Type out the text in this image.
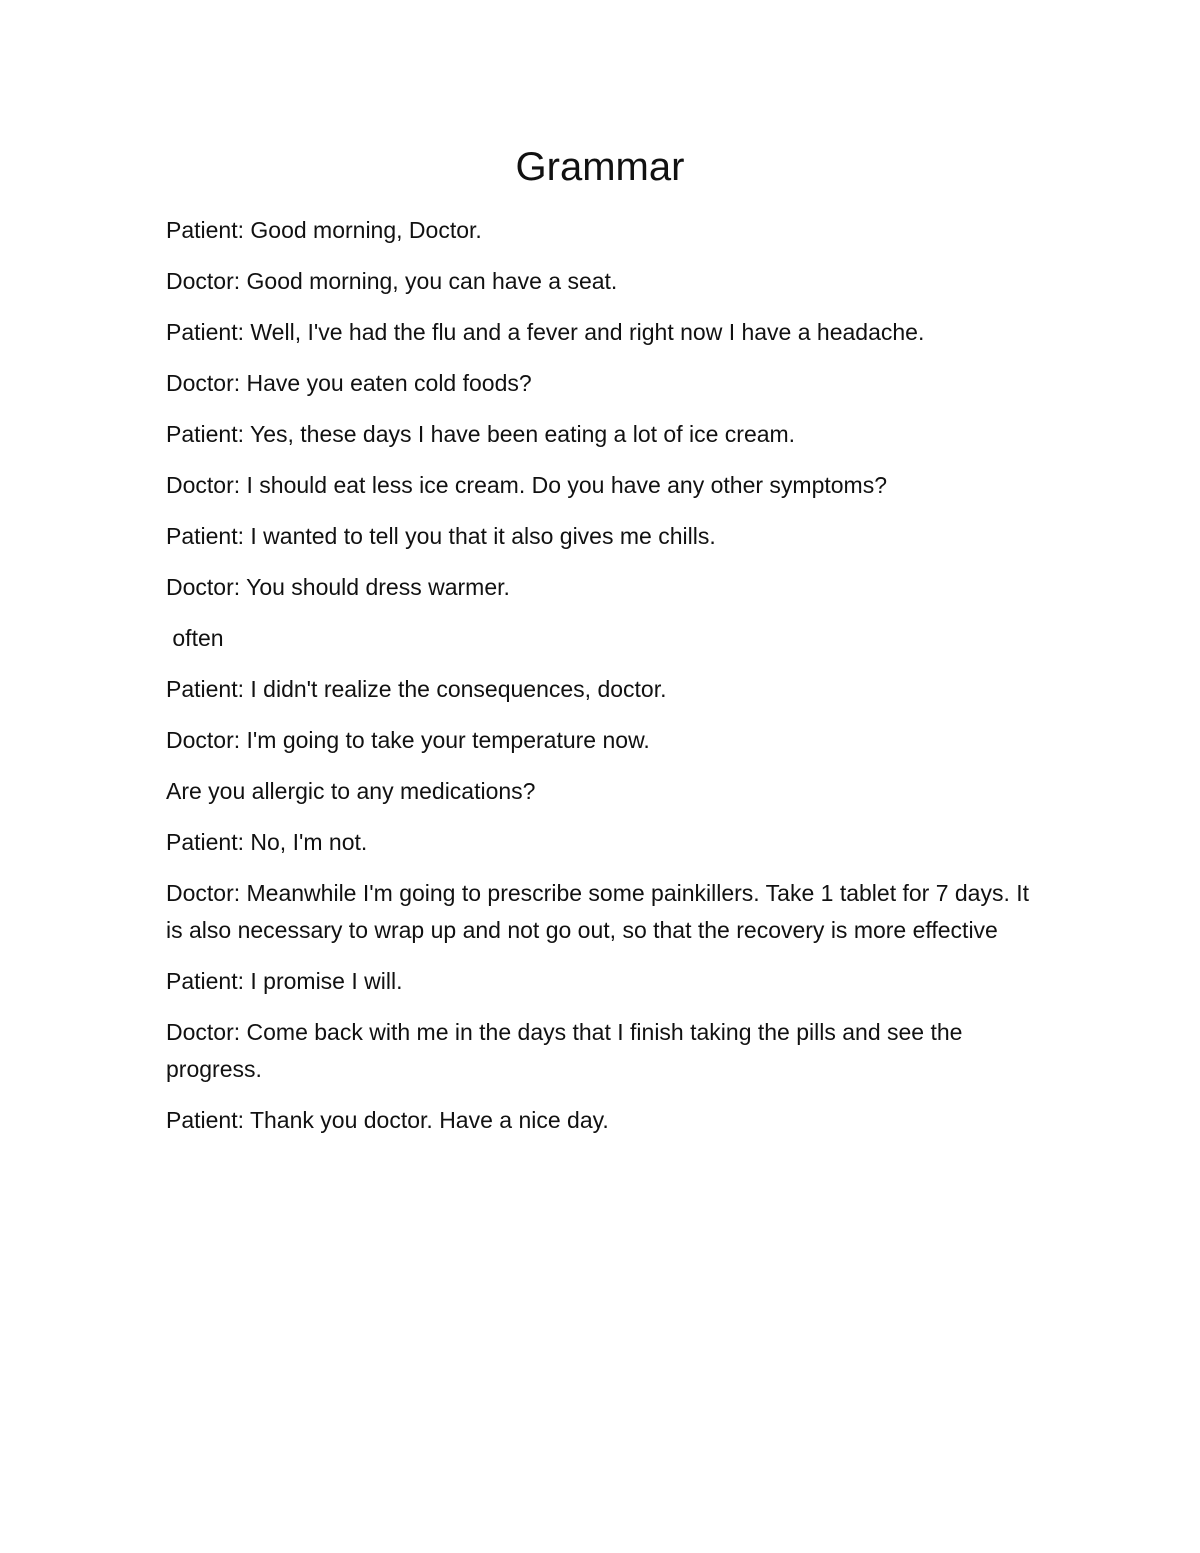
Grammar

Patient: Good morning, Doctor.

Doctor: Good morning, you can have a seat.

Patient: Well, I've had the flu and a fever and right now I have a headache.

Doctor: Have you eaten cold foods?

Patient: Yes, these days I have been eating a lot of ice cream.

Doctor: I should eat less ice cream. Do you have any other symptoms?

Patient: I wanted to tell you that it also gives me chills.

Doctor: You should dress warmer.

often

Patient: I didn't realize the consequences, doctor.

Doctor: I'm going to take your temperature now.

Are you allergic to any medications?

Patient: No, I'm not.

Doctor: Meanwhile I'm going to prescribe some painkillers. Take 1 tablet for 7 days. It is also necessary to wrap up and not go out, so that the recovery is more effective

Patient: I promise I will.

Doctor: Come back with me in the days that I finish taking the pills and see the progress.

Patient: Thank you doctor. Have a nice day.
